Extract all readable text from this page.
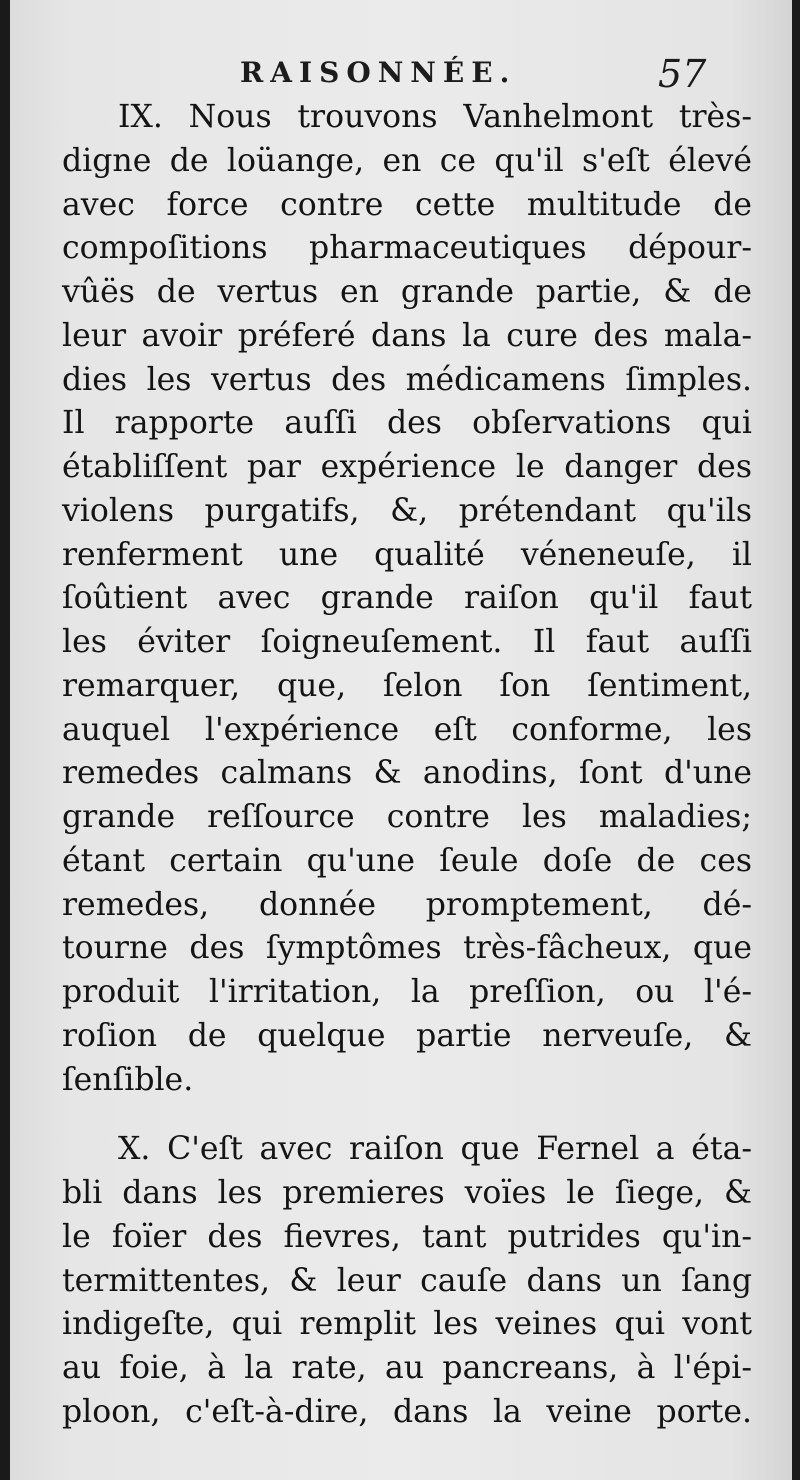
RAISONNÉE.	57
IX. Nous trouvons Vanhelmont très-
digne de loüange, en ce qu'il s'eſt élevé
avec force contre cette multitude de
compoſitions pharmaceutiques dépour-
vûës de vertus en grande partie, & de
leur avoir préferé dans la cure des mala-
dies les vertus des médicamens ſimples.
Il rapporte auſſi des obſervations qui
établiſſent par expérience le danger des
violens purgatifs, &, prétendant qu'ils
renferment une qualité véneneuſe, il
ſoûtient avec grande raiſon qu'il faut
les éviter ſoigneuſement. Il faut auſſi
remarquer, que, ſelon ſon ſentiment,
auquel l'expérience eſt conforme, les
remedes calmans & anodins, ſont d'une
grande reſſource contre les maladies;
étant certain qu'une ſeule doſe de ces
remedes, donnée promptement, dé-
tourne des ſymptômes très-fâcheux, que
produit l'irritation, la preſſion, ou l'é-
roſion de quelque partie nerveuſe, &
ſenſible.
X. C'eſt avec raiſon que Fernel a éta-
bli dans les premieres voïes le ſiege, &
le foïer des fievres, tant putrides qu'in-
termittentes, & leur cauſe dans un ſang
indigeſte, qui remplit les veines qui vont
au foie, à la rate, au pancreans, à l'épi-
ploon, c'eſt-à-dire, dans la veine porte.
